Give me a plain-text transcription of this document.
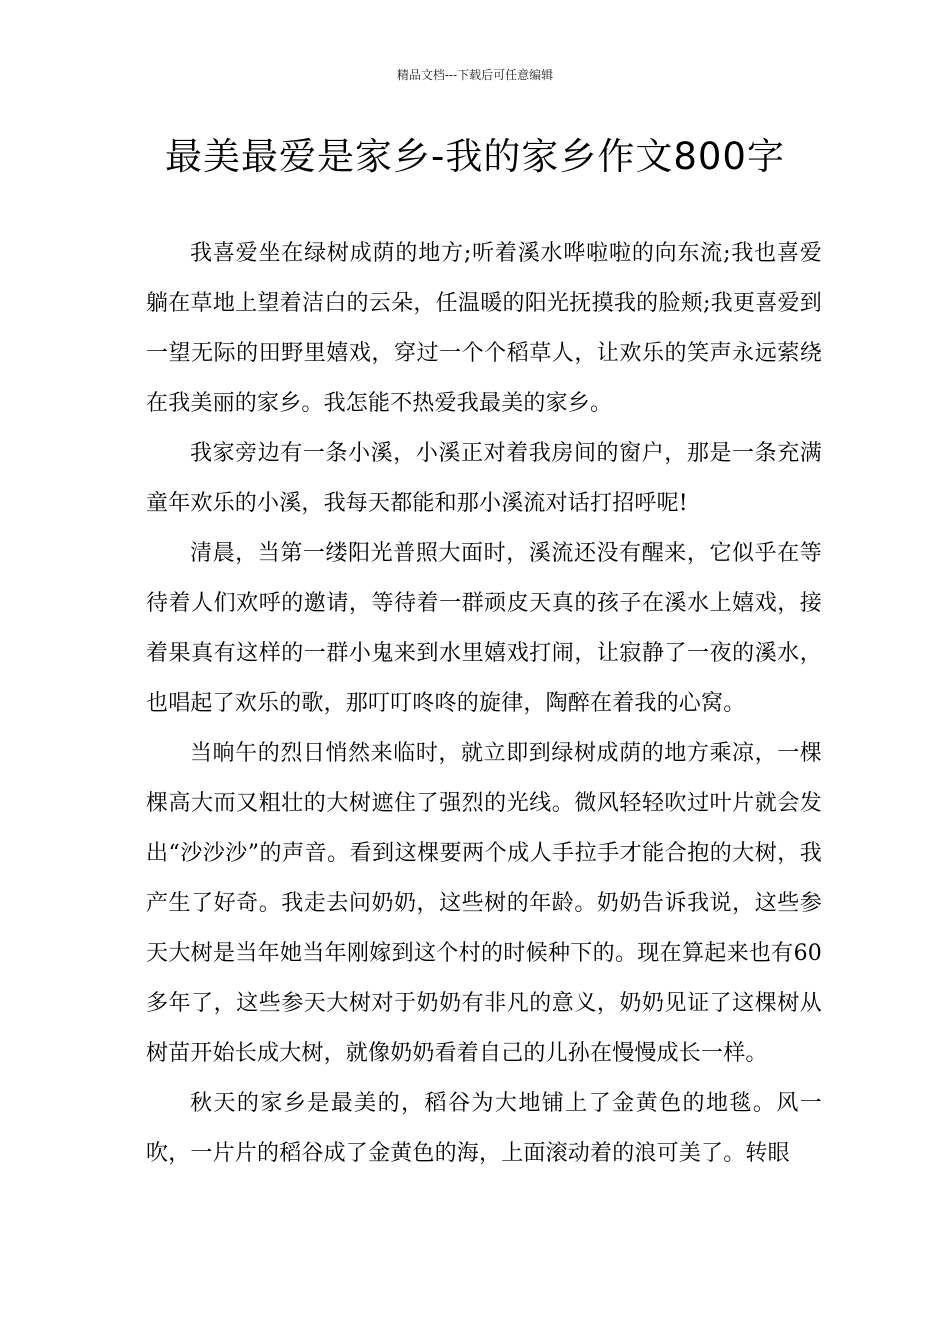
精品文档---下载后可任意编辑
最美最爱是家乡-我的家乡作文800字

我喜爱坐在绿树成荫的地方;听着溪水哗啦啦的向东流;我也喜爱躺在草地上望着洁白的云朵，任温暖的阳光抚摸我的脸颊;我更喜爱到一望无际的田野里嬉戏，穿过一个个稻草人，让欢乐的笑声永远萦绕在我美丽的家乡。我怎能不热爱我最美的家乡。

我家旁边有一条小溪，小溪正对着我房间的窗户，那是一条充满童年欢乐的小溪，我每天都能和那小溪流对话打招呼呢!

清晨，当第一缕阳光普照大面时，溪流还没有醒来，它似乎在等待着人们欢呼的邀请，等待着一群顽皮天真的孩子在溪水上嬉戏，接着果真有这样的一群小鬼来到水里嬉戏打闹，让寂静了一夜的溪水，也唱起了欢乐的歌，那叮叮咚咚的旋律，陶醉在着我的心窝。

当晌午的烈日悄然来临时，就立即到绿树成荫的地方乘凉，一棵棵高大而又粗壮的大树遮住了强烈的光线。微风轻轻吹过叶片就会发出“沙沙沙”的声音。看到这棵要两个成人手拉手才能合抱的大树，我产生了好奇。我走去问奶奶，这些树的年龄。奶奶告诉我说，这些参天大树是当年她当年刚嫁到这个村的时候种下的。现在算起来也有60多年了，这些参天大树对于奶奶有非凡的意义，奶奶见证了这棵树从树苗开始长成大树，就像奶奶看着自己的儿孙在慢慢成长一样。

秋天的家乡是最美的，稻谷为大地铺上了金黄色的地毯。风一吹，一片片的稻谷成了金黄色的海，上面滚动着的浪可美了。转眼
